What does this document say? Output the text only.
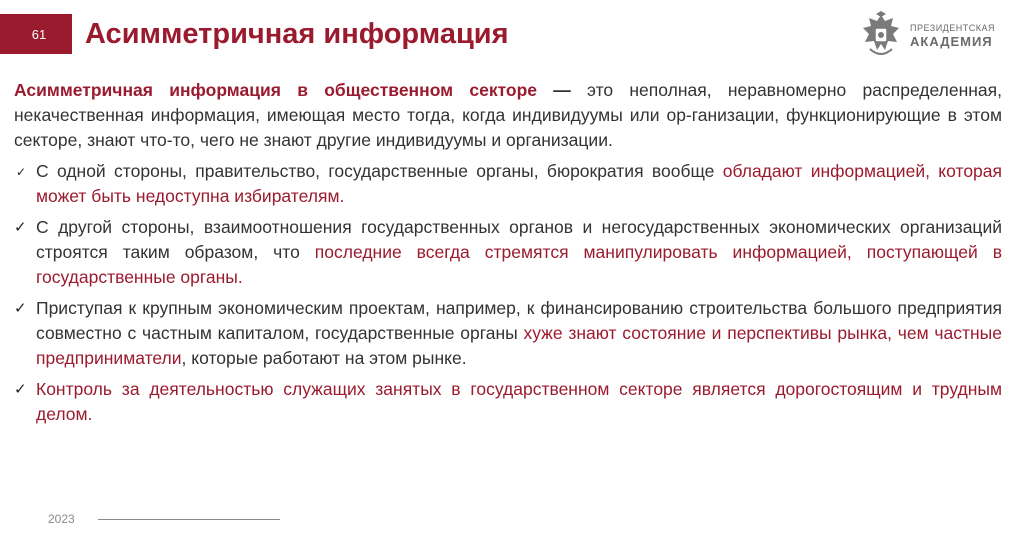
61 Асимметричная информация	ПРЕЗИДЕНТСКАЯ
АКАДЕМИЯ

Асимметричная информация в общественном секторе — это неполная, неравномерно распределенная, некачественная информация, имеющая место тогда, когда индивидуумы или ор-ганизации, функционирующие в этом секторе, знают что-то, чего не знают другие индивидуумы и организации.

✓ С одной стороны, правительство, государственные органы, бюрократия вообще обладают информацией, которая может быть недоступна избирателям.
✓ С другой стороны, взаимоотношения государственных органов и негосударственных экономических организаций строятся таким образом, что последние всегда стремятся манипулировать информацией, поступающей в государственные органы.
✓ Приступая к крупным экономическим проектам, например, к финансированию строительства большого предприятия совместно с частным капиталом, государственные органы хуже знают состояние и перспективы рынка, чем частные предприниматели, которые работают на этом рынке.
✓ Контроль за деятельностью служащих занятых в государственном секторе является дорогостоящим и трудным делом.
2023
